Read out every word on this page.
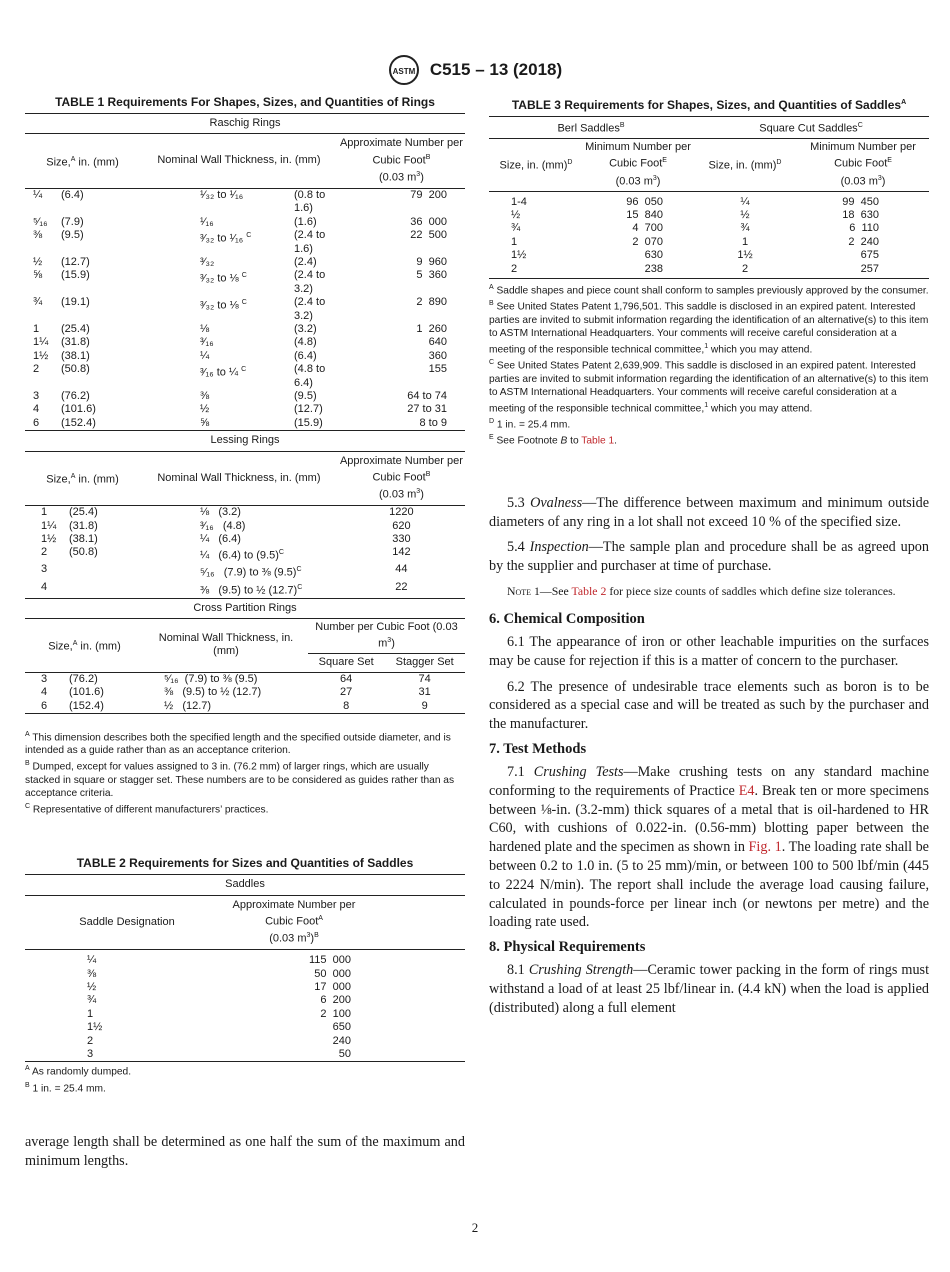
ASTM C515 – 13 (2018)
TABLE 1 Requirements For Shapes, Sizes, and Quantities of Rings
Raschig Rings			
Size,$^A$ in. (mm)	Nominal Wall Thickness, in. (mm)		Approximate Number per Cubic Foot$^B$
(0.03 $m^3$)
¼ (6.4)	¹⁄₃₂ to ¹⁄₁₆	(0.8 to 1.6)	79  200
⁵⁄₁₆ (7.9)	¹⁄₁₆	(1.6)	36  000
⅜ (9.5)	³⁄₃₂ to ¹⁄₁₆ $^C$	(2.4 to 1.6)	22  500
½ (12.7)	³⁄₃₂	(2.4)	9  960
⅝ (15.9)	³⁄₃₂ to ⅛ $^C$	(2.4 to 3.2)	5  360
¾ (19.1)	³⁄₃₂ to ⅛ $^C$	(2.4 to 3.2)	2  890
1 (25.4)	⅛	(3.2)	1  260
1¼ (31.8)	³⁄₁₆	(4.8)	640
1½ (38.1)	¼	(6.4)	360
2 (50.8)	³⁄₁₆ to ¼ $^C$	(4.8 to 6.4)	155
3 (76.2)	⅜	(9.5)	64 to 74
4 (101.6)	½	(12.7)	27 to 31
6 (152.4)	⅝	(15.9)	8 to 9
Lessing Rings			
Size,$^A$ in. (mm)	Nominal Wall Thickness, in. (mm)		Approximate Number per Cubic Foot$^B$
(0.03 $m^3$)
1 (25.4)	⅛   (3.2)		1220
1¼ (31.8)	³⁄₁₆   (4.8)		620
1½ (38.1)	¼   (6.4)		330
2 (50.8)	¼   (6.4) to $(9.5)^C$		142
3	⁵⁄₁₆   (7.9) to ⅜ $(9.5)^C$		44
4	⅜   (9.5) to ½ $(12.7)^C$		22
Cross Partition Rings			
Size,$^A$ in. (mm)	Nominal Wall Thickness, in. (mm)	Number per Cubic Foot (0.03 $m^3$)	
		Square Set	Stagger Set
3 (76.2)	⁵⁄₁₆  (7.9) to ⅜ (9.5)	64	74
4 (101.6)	⅜   (9.5) to ½ (12.7)	27	31
6 (152.4)	½   (12.7)	8	9

$^A$ This dimension describes both the specified length and the specified outside diameter, and is intended as a guide rather than as an acceptance criterion.

$^B$ Dumped, except for values assigned to 3 in. (76.2 mm) of larger rings, which are usually stacked in square or stagger set. These numbers are to be considered as guides rather than as acceptance criteria.

$^C$ Representative of different manufacturers’ practices.

TABLE 2 Requirements for Sizes and Quantities of Saddles
Saddles		
Saddle Designation	Approximate Number per Cubic Foot$^A$
(0.03 $m^3)^B$	
¼	115  000	
⅜	50  000	
½	17  000	
¾	6  200	
1	2  100	
1½	650	
2	240	
3	50	

$^A$ As randomly dumped.

$^B$ 1 in. = 25.4 mm.

average length shall be determined as one half the sum of the maximum and minimum lengths.

TABLE 3 Requirements for Shapes, Sizes, and Quantities of Saddles$^A$
Berl Saddles$^B$		Square Cut Saddles$^C$
Size, in. (mm)$^D$	Minimum Number per Cubic Foot$^E$
(0.03 $m^3$)	Size, in. (mm)$^D$	Minimum Number per Cubic Foot$^E$
(0.03 $m^3$)

1-4	96  050	¼	99  450
½	15  840	½	18  630
¾	4  700	¾	6  110
1	2  070	1	2  240
1½	630	1½	675
2	238	2	257

$^A$ Saddle shapes and piece count shall conform to samples previously approved by the consumer.

$^B$ See United States Patent 1,796,501. This saddle is disclosed in an expired patent. Interested parties are invited to submit information regarding the identification of an alternative(s) to this item to ASTM International Headquarters. Your comments will receive careful consideration at a meeting of the responsible technical committee,$^1$ which you may attend.

$^C$ See United States Patent 2,639,909. This saddle is disclosed in an expired patent. Interested parties are invited to submit information regarding the identification of an alternative(s) to this item to ASTM International Headquarters. Your comments will receive careful consideration at a meeting of the responsible technical committee,$^1$ which you may attend.

$^D$ 1 in. = 25.4 mm.

$^E$ See Footnote B to Table 1.

5.3 Ovalness—The difference between maximum and minimum outside diameters of any ring in a lot shall not exceed 10 % of the specified size.

5.4 Inspection—The sample plan and procedure shall be as agreed upon by the supplier and purchaser at time of purchase.

Note 1—See Table 2 for piece size counts of saddles which define size tolerances.

6. Chemical Composition

6.1 The appearance of iron or other leachable impurities on the surfaces may be cause for rejection if this is a matter of concern to the purchaser.

6.2 The presence of undesirable trace elements such as boron is to be considered as a special case and will be treated as such by the purchaser and the manufacturer.

7. Test Methods

7.1 Crushing Tests—Make crushing tests on any standard machine conforming to the requirements of Practice E4. Break ten or more specimens between ⅛-in. (3.2-mm) thick squares of a metal that is oil-hardened to HR C60, with cushions of 0.022-in. (0.56-mm) blotting paper between the hardened plate and the specimen as shown in Fig. 1. The loading rate shall be between 0.2 to 1.0 in. (5 to 25 mm)/min, or between 100 to 500 lbf/min (445 to 2224 N/min). The report shall include the average load causing failure, calculated in pounds-force per linear inch (or newtons per metre) and the loading rate used.

8. Physical Requirements

8.1 Crushing Strength—Ceramic tower packing in the form of rings must withstand a load of at least 25 lbf/linear in. (4.4 kN) when the load is applied (distributed) along a full element

2
